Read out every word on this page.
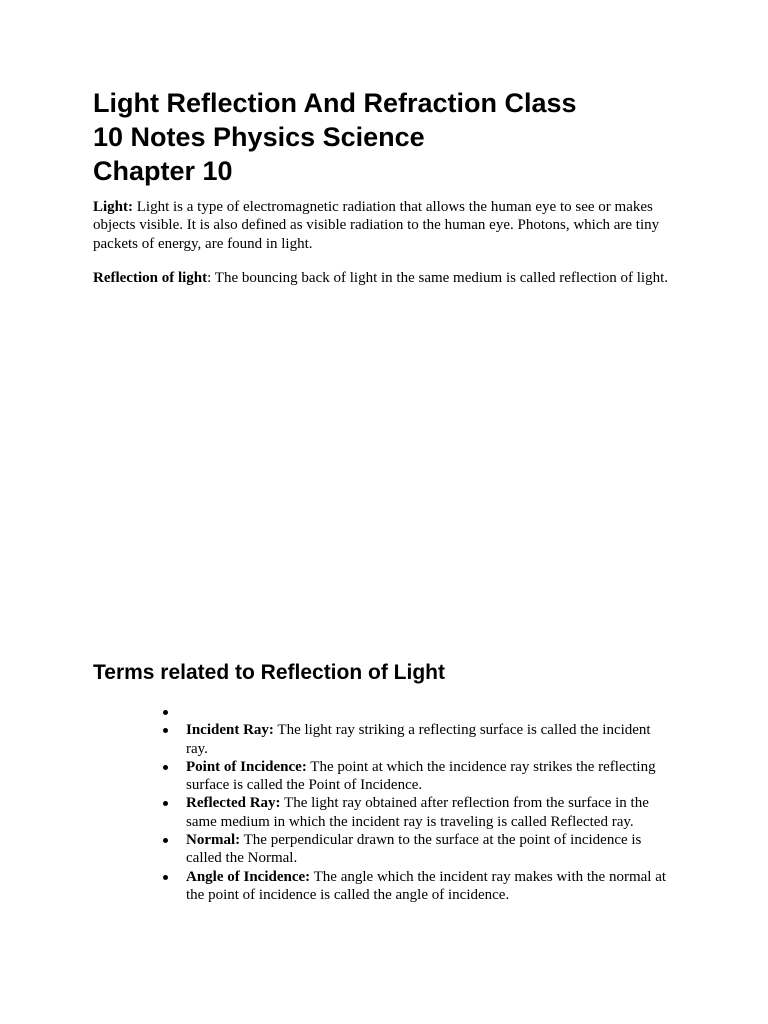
Light Reflection And Refraction Class
10 Notes Physics Science
Chapter 10

Light: Light is a type of electromagnetic radiation that allows the human eye to see or makes objects visible. It is also defined as visible radiation to the human eye. Photons, which are tiny packets of energy, are found in light.

Reflection of light: The bouncing back of light in the same medium is called reflection of light.

Terms related to Reflection of Light
Incident Ray: The light ray striking a reflecting surface is called the incident ray.
Point of Incidence: The point at which the incidence ray strikes the reflecting surface is called the Point of Incidence.
Reflected Ray: The light ray obtained after reflection from the surface in the same medium in which the incident ray is traveling is called Reflected ray.
Normal: The perpendicular drawn to the surface at the point of incidence is called the Normal.
Angle of Incidence: The angle which the incident ray makes with the normal at the point of incidence is called the angle of incidence.
